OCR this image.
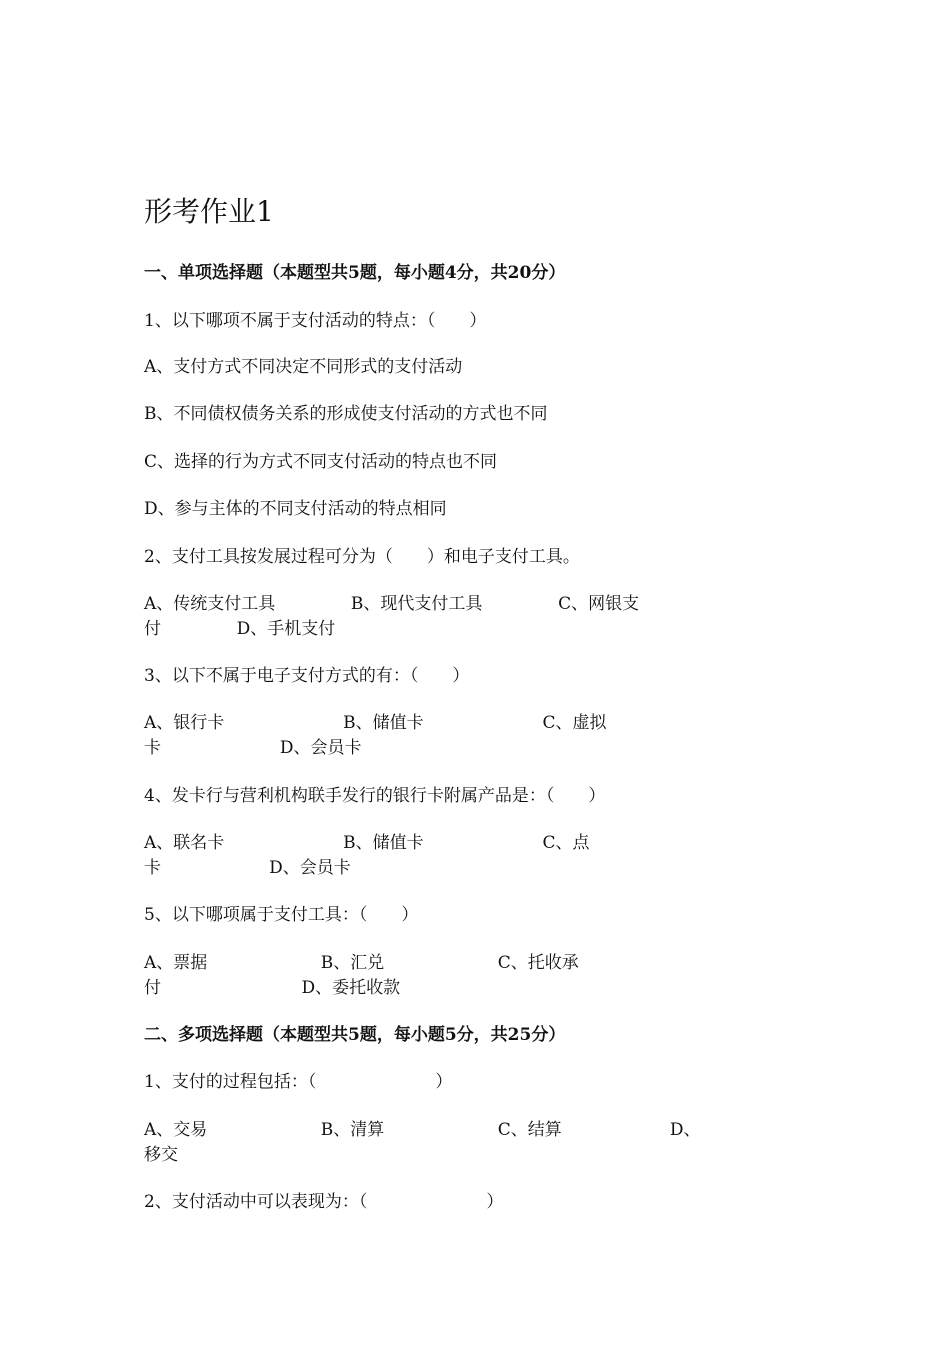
形考作业1
一、单项选择题（本题型共5题，每小题4分，共20分）
1、以下哪项不属于支付活动的特点：（　　）
A、支付方式不同决定不同形式的支付活动
B、不同债权债务关系的形成使支付活动的方式也不同
C、选择的行为方式不同支付活动的特点也不同
D、参与主体的不同支付活动的特点相同
2、支付工具按发展过程可分为（　　）和电子支付工具。
A、传统支付工具              B、现代支付工具              C、网银支
付              D、手机支付
3、以下不属于电子支付方式的有：（　　）
A、银行卡                      B、储值卡                      C、虚拟
卡                      D、会员卡
4、发卡行与营利机构联手发行的银行卡附属产品是：（　　）
A、联名卡                      B、储值卡                      C、点
卡                    D、会员卡
5、以下哪项属于支付工具：（　　）
A、票据                     B、汇兑                     C、托收承
付                          D、委托收款
二、多项选择题（本题型共5题，每小题5分，共25分）
1、支付的过程包括：（　　　　　　　）
A、交易                     B、清算                     C、结算                    D、
移交
2、支付活动中可以表现为：（　　　　　　　）
